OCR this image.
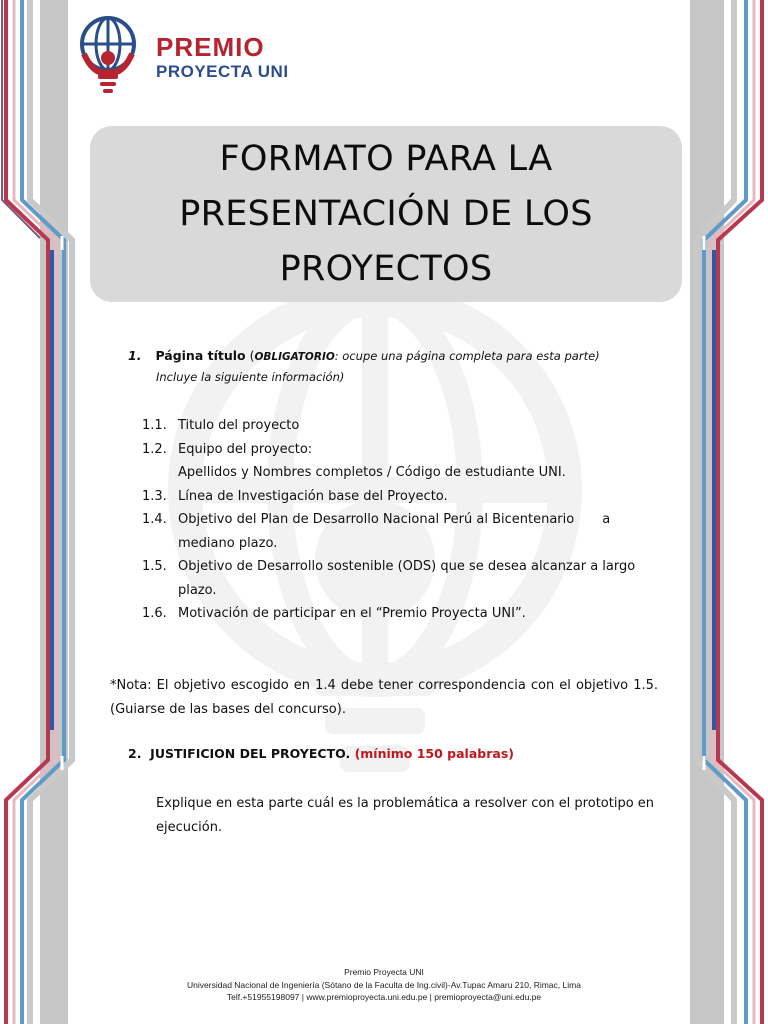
PREMIO
PROYECTA UNI
FORMATO PARA LA
PRESENTACIÓN DE LOS
PROYECTOS
1. Página título (OBLIGATORIO: ocupe una página completa para esta parte)
Incluye la siguiente información)
1.1. Titulo del proyecto
1.2. Equipo del proyecto:
Apellidos y Nombres completos / Código de estudiante UNI.
1.3. Línea de Investigación base del Proyecto.
1.4. Objetivo del Plan de Desarrollo Nacional Perú al Bicentenario a
mediano plazo.
1.5. Objetivo de Desarrollo sostenible (ODS) que se desea alcanzar a largo
plazo.
1.6. Motivación de participar en el “Premio Proyecta UNI”.
*Nota: El objetivo escogido en 1.4 debe tener correspondencia con el objetivo 1.5. (Guiarse de las bases del concurso).
2. JUSTIFICION DEL PROYECTO. (mínimo 150 palabras)
Explique en esta parte cuál es la problemática a resolver con el prototipo en ejecución.
Premio Proyecta UNI
Universidad Nacional de Ingeniería (Sótano de la Faculta de Ing.civil)-Av.Tupac Amaru 210, Rimac, Lima
Telf.+51955198097 | www.premioproyecta.uni.edu.pe | premioproyecta@uni.edu.pe
